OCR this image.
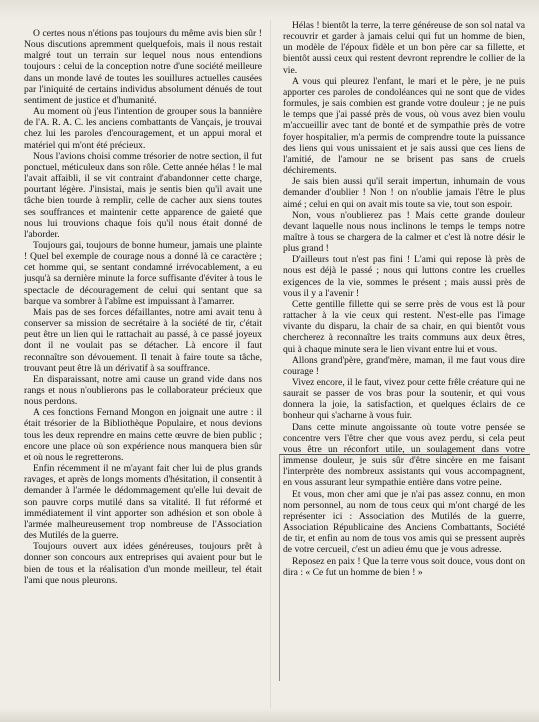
O certes nous n'étions pas toujours du même avis bien sûr ! Nous discutions apremment quelquefois, mais il nous restait malgré tout un terrain sur lequel nous nous entendions toujours : celui de la conception notre d'une société meilleure dans un monde lavé de toutes les souillures actuelles causées par l'iniquité de certains individus absolument dénués de tout sentiment de justice et d'humanité.

Au moment où j'eus l'intention de grouper sous la bannière de l'A. R. A. C. les anciens combattants de Vançais, je trouvai chez lui les paroles d'encouragement, et un appui moral et matériel qui m'ont été précieux.

Nous l'avions choisi comme trésorier de notre section, il fut ponctuel, méticuleux dans son rôle. Cette année hélas ! le mal l'avait affaibli, il se vit contraint d'abandonner cette charge, pourtant légère. J'insistai, mais je sentis bien qu'il avait une tâche bien tourde à remplir, celle de cacher aux siens toutes ses souffrances et maintenir cette apparence de gaieté que nous lui trouvions chaque fois qu'il nous était donné de l'aborder.

Toujours gai, toujours de bonne humeur, jamais une plainte ! Quel bel exemple de courage nous a donné là ce caractère ; cet homme qui, se sentant condamné irrévocablement, a eu jusqu'à sa dernière minute la force suffisante d'éviter à tous le spectacle de découragement de celui qui sentant que sa barque va sombrer à l'abîme est impuissant à l'amarrer.

Mais pas de ses forces défaillantes, notre ami avait tenu à conserver sa mission de secrétaire à la société de tir, c'était peut être un lien qui le rattachait au passé, à ce passé joyeux dont il ne voulait pas se détacher. Là encore il faut reconnaître son dévouement. Il tenait à faire toute sa tâche, trouvant peut être là un dérivatif à sa souffrance.

En disparaissant, notre ami cause un grand vide dans nos rangs et nous n'oublierons pas le collaborateur précieux que nous perdons.

A ces fonctions Fernand Mongon en joignait une autre : il était trésorier de la Bibliothèque Populaire, et nous devions tous les deux reprendre en mains cette œuvre de bien public ; encore une place où son expérience nous manquera bien sûr et où nous le regretterons.

Enfin récemment il ne m'ayant fait cher lui de plus grands ravages, et après de longs moments d'hésitation, il consentit à demander à l'armée le dédommagement qu'elle lui devait de son pauvre corps mutilé dans sa vitalité. Il fut réformé et immédiatement il vint apporter son adhésion et son obole à l'armée malheureusement trop nombreuse de l'Association des Mutilés de la guerre.

Toujours ouvert aux idées généreuses, toujours prêt à donner son concours aux entreprises qui avaient pour but le bien de tous et la réalisation d'un monde meilleur, tel était l'ami que nous pleurons.

Hélas ! bientôt la terre, la terre généreuse de son sol natal va recouvrir et garder à jamais celui qui fut un homme de bien, un modèle de l'époux fidèle et un bon père car sa fillette, et bientôt aussi ceux qui restent devront reprendre le collier de la vie.

A vous qui pleurez l'enfant, le mari et le père, je ne puis apporter ces paroles de condoléances qui ne sont que de vides formules, je sais combien est grande votre douleur ; je ne puis le temps que j'ai passé près de vous, où vous avez bien voulu m'accueillir avec tant de bonté et de sympathie près de votre foyer hospitalier, m'a permis de comprendre toute la puissance des liens qui vous unissaient et je sais aussi que ces liens de l'amitié, de l'amour ne se brisent pas sans de cruels déchirements.

Je sais bien aussi qu'il serait impertun, inhumain de vous demander d'oublier ! Non ! on n'oublie jamais l'être le plus aimé ; celui en qui on avait mis toute sa vie, tout son espoir.

Non, vous n'oublierez pas ! Mais cette grande douleur devant laquelle nous nous inclinons le temps le temps notre maître à tous se chargera de la calmer et c'est là notre désir le plus grand !

D'ailleurs tout n'est pas fini ! L'ami qui repose là près de nous est déjà le passé ; nous qui luttons contre les cruelles exigences de la vie, sommes le présent ; mais aussi près de vous il y a l'avenir !

Cette gentille fillette qui se serre près de vous est là pour rattacher à la vie ceux qui restent. N'est-elle pas l'image vivante du disparu, la chair de sa chair, en qui bientôt vous chercherez à reconnaître les traits communs aux deux êtres, qui à chaque minute sera le lien vivant entre lui et vous.

Allons grand'père, grand'mère, maman, il me faut vous dire courage !

Vivez encore, il le faut, vivez pour cette frêle créature qui ne saurait se passer de vos bras pour la soutenir, et qui vous donnera la joie, la satisfaction, et quelques éclairs de ce bonheur qui s'acharne à vous fuir.

Dans cette minute angoissante où toute votre pensée se concentre vers l'être cher que vous avez perdu, si cela peut vous être un réconfort utile, un soulagement dans votre immense douleur, je suis sûr d'être sincère en me faisant l'interprète des nombreux assistants qui vous accompagnent, en vous assurant leur sympathie entière dans votre peine.

Et vous, mon cher ami que je n'ai pas assez connu, en mon nom personnel, au nom de tous ceux qui m'ont chargé de les représenter ici : Association des Mutilés de la guerre, Association Républicaine des Anciens Combattants, Société de tir, et enfin au nom de tous vos amis qui se pressent auprès de votre cercueil, c'est un adieu ému que je vous adresse.

Reposez en paix ! Que la terre vous soit douce, vous dont on dira : « Ce fut un homme de bien ! »
